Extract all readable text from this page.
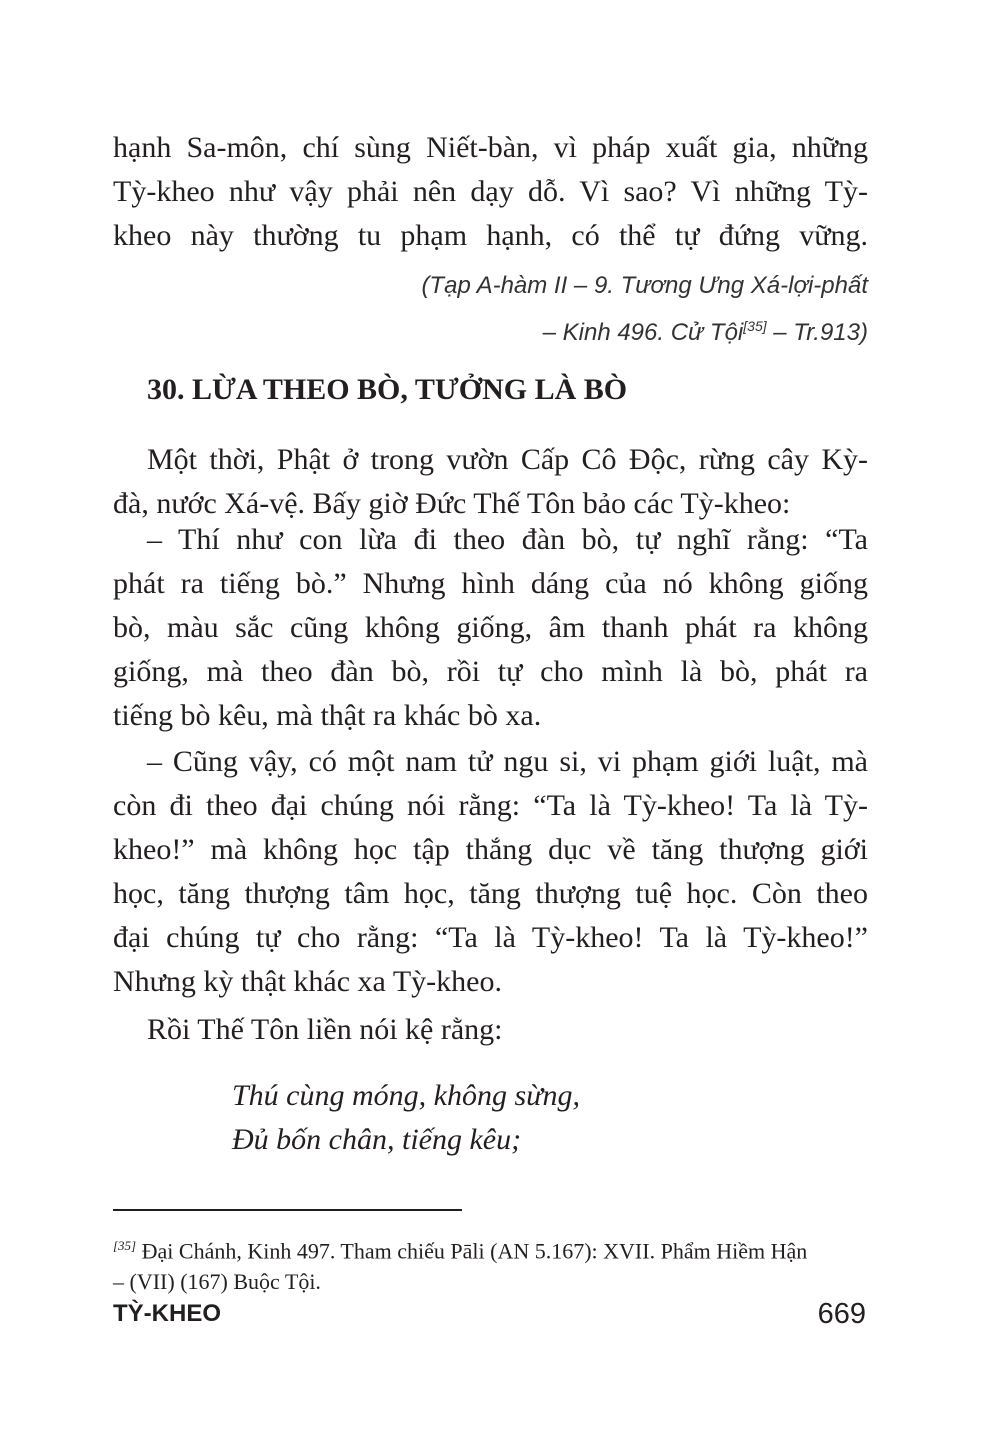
hạnh Sa-môn, chí sùng Niết-bàn, vì pháp xuất gia, những
Tỳ-kheo như vậy phải nên dạy dỗ. Vì sao? Vì những Tỳ-
kheo này thường tu phạm hạnh, có thể tự đứng vững.
(Tạp A-hàm II – 9. Tương Ưng Xá-lợi-phất
– Kinh 496. Cử Tội[35] – Tr.913)
30. LỪA THEO BÒ, TƯỞNG LÀ BÒ
Một thời, Phật ở trong vườn Cấp Cô Độc, rừng cây Kỳ-
đà, nước Xá-vệ. Bấy giờ Đức Thế Tôn bảo các Tỳ-kheo:
– Thí như con lừa đi theo đàn bò, tự nghĩ rằng: “Ta
phát ra tiếng bò.” Nhưng hình dáng của nó không giống
bò, màu sắc cũng không giống, âm thanh phát ra không
giống, mà theo đàn bò, rồi tự cho mình là bò, phát ra
tiếng bò kêu, mà thật ra khác bò xa.
– Cũng vậy, có một nam tử ngu si, vi phạm giới luật, mà
còn đi theo đại chúng nói rằng: “Ta là Tỳ-kheo! Ta là Tỳ-
kheo!” mà không học tập thắng dục về tăng thượng giới
học, tăng thượng tâm học, tăng thượng tuệ học. Còn theo
đại chúng tự cho rằng: “Ta là Tỳ-kheo! Ta là Tỳ-kheo!”
Nhưng kỳ thật khác xa Tỳ-kheo.
Rồi Thế Tôn liền nói kệ rằng:
Thú cùng móng, không sừng,
Đủ bốn chân, tiếng kêu;
[35] Đại Chánh, Kinh 497. Tham chiếu Pāli (AN 5.167): XVII. Phẩm Hiềm Hận
– (VII) (167) Buộc Tội.
TỲ-KHEO	669
